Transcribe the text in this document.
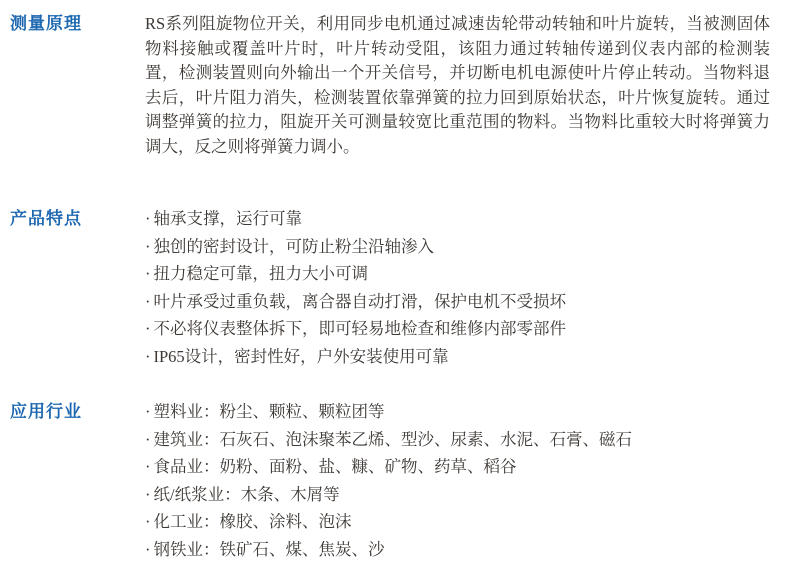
测量原理	RS系列阻旋物位开关，利用同步电机通过减速齿轮带动转轴和叶片旋转，当被测固体物料接触或覆盖叶片时，叶片转动受阻，该阻力通过转轴传递到仪表内部的检测装置，检测装置则向外输出一个开关信号，并切断电机电源使叶片停止转动。当物料退去后，叶片阻力消失，检测装置依靠弹簧的拉力回到原始状态，叶片恢复旋转。通过调整弹簧的拉力，阻旋开关可测量较宽比重范围的物料。当物料比重较大时将弹簧力调大，反之则将弹簧力调小。

产品特点	· 轴承支撑，运行可靠
· 独创的密封设计，可防止粉尘沿轴渗入
· 扭力稳定可靠，扭力大小可调
· 叶片承受过重负载，离合器自动打滑，保护电机不受损坏
· 不必将仪表整体拆下，即可轻易地检查和维修内部零部件
· IP65设计，密封性好，户外安装使用可靠
应用行业	· 塑料业：粉尘、颗粒、颗粒团等
· 建筑业：石灰石、泡沫聚苯乙烯、型沙、尿素、水泥、石膏、磁石
· 食品业：奶粉、面粉、盐、糠、矿物、药草、稻谷
· 纸/纸浆业：木条、木屑等
· 化工业：橡胶、涂料、泡沫
· 钢铁业：铁矿石、煤、焦炭、沙
